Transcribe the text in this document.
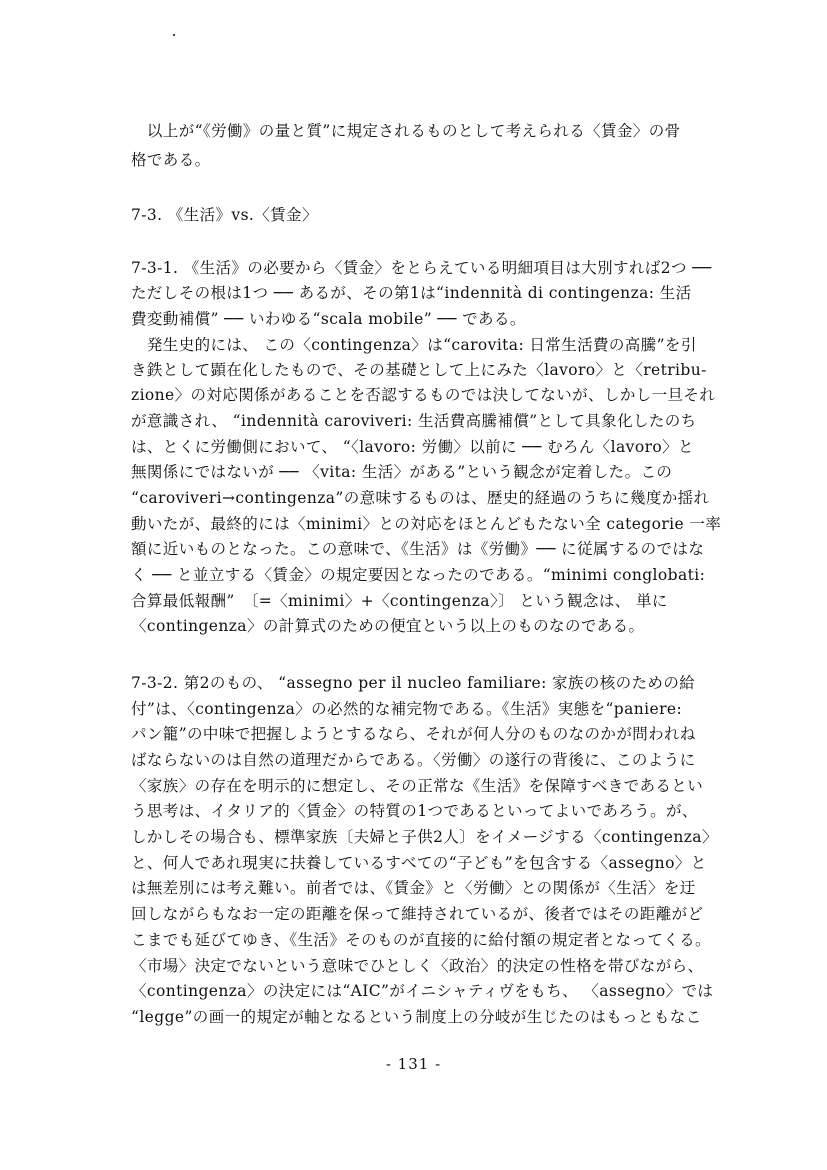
　以上が“《労働》の量と質”に規定されるものとして考えられる〈賃金〉の骨
格である。
7-3. 《生活》vs.〈賃金〉
7-3-1. 《生活》の必要から〈賃金〉をとらえている明細項目は大別すれば2つ ──
ただしその根は1つ ── あるが、その第1は“indennità di contingenza: 生活
費変動補償” ── いわゆる“scala mobile” ── である。
　発生史的には、 この〈contingenza〉は“carovita: 日常生活費の高騰”を引
き鉄として顕在化したもので、その基礎として上にみた〈lavoro〉と〈retribu-
zione〉の対応関係があることを否認するものでは決してないが、しかし一旦それ
が意識され、 “indennità caroviveri: 生活費高騰補償”として具象化したのち
は、とくに労働側において、 “〈lavoro: 労働〉以前に ── むろん〈lavoro〉と
無関係にではないが ── 〈vita: 生活〉がある”という観念が定着した。この
“caroviveri→contingenza”の意味するものは、歴史的経過のうちに幾度か揺れ
動いたが、最終的には〈minimi〉との対応をほとんどもたない全 categorie 一率
額に近いものとなった。この意味で、《生活》は《労働》── に従属するのではな
く ── と並立する〈賃金〉の規定要因となったのである。“minimi conglobati:
合算最低報酬”　〔=〈minimi〉+〈contingenza〉〕 という観念は、 単に
〈contingenza〉の計算式のための便宜という以上のものなのである。
7-3-2. 第2のもの、 “assegno per il nucleo familiare: 家族の核のための給
付”は、〈contingenza〉の必然的な補完物である。《生活》実態を“paniere:
パン籠”の中味で把握しようとするなら、それが何人分のものなのかが問われね
ばならないのは自然の道理だからである。〈労働〉の遂行の背後に、このように
〈家族〉の存在を明示的に想定し、その正常な《生活》を保障すべきであるとい
う思考は、イタリア的〈賃金〉の特質の1つであるといってよいであろう。が、
しかしその場合も、標準家族〔夫婦と子供2人〕をイメージする〈contingenza〉
と、何人であれ現実に扶養しているすべての“子ども”を包含する〈assegno〉と
は無差別には考え難い。前者では、《賃金》と〈労働〉との関係が〈生活〉を迂
回しながらもなお一定の距離を保って維持されているが、後者ではその距離がど
こまでも延びてゆき、《生活》そのものが直接的に給付額の規定者となってくる。
〈市場〉決定でないという意味でひとしく〈政治〉的決定の性格を帯びながら、
〈contingenza〉の決定には“AIC”がイニシャティヴをもち、 〈assegno〉では
“legge”の画一的規定が軸となるという制度上の分岐が生じたのはもっともなこ
- 131 -
